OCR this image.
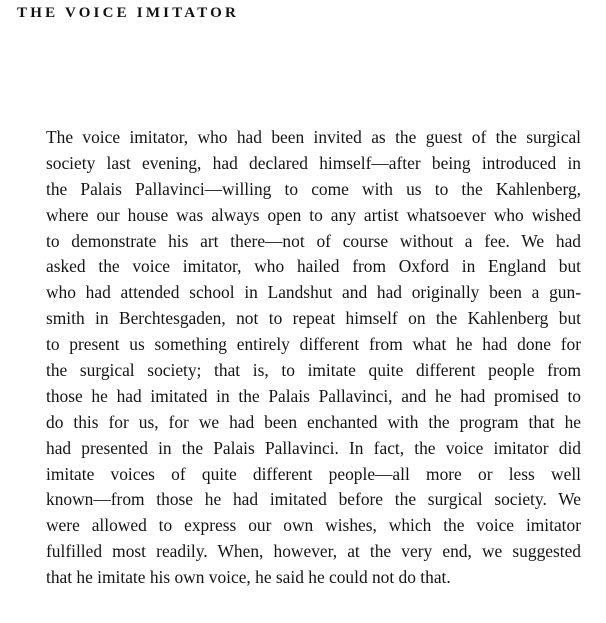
THE VOICE IMITATOR

The voice imitator, who had been invited as the guest of the surgical
society last evening, had declared himself—after being introduced in
the Palais Pallavinci—willing to come with us to the Kahlenberg,
where our house was always open to any artist whatsoever who wished
to demonstrate his art there—not of course without a fee. We had
asked the voice imitator, who hailed from Oxford in England but
who had attended school in Landshut and had originally been a gun-
smith in Berchtesgaden, not to repeat himself on the Kahlenberg but
to present us something entirely different from what he had done for
the surgical society; that is, to imitate quite different people from
those he had imitated in the Palais Pallavinci, and he had promised to
do this for us, for we had been enchanted with the program that he
had presented in the Palais Pallavinci. In fact, the voice imitator did
imitate voices of quite different people—all more or less well
known—from those he had imitated before the surgical society. We
were allowed to express our own wishes, which the voice imitator
fulfilled most readily. When, however, at the very end, we suggested
that he imitate his own voice, he said he could not do that.
